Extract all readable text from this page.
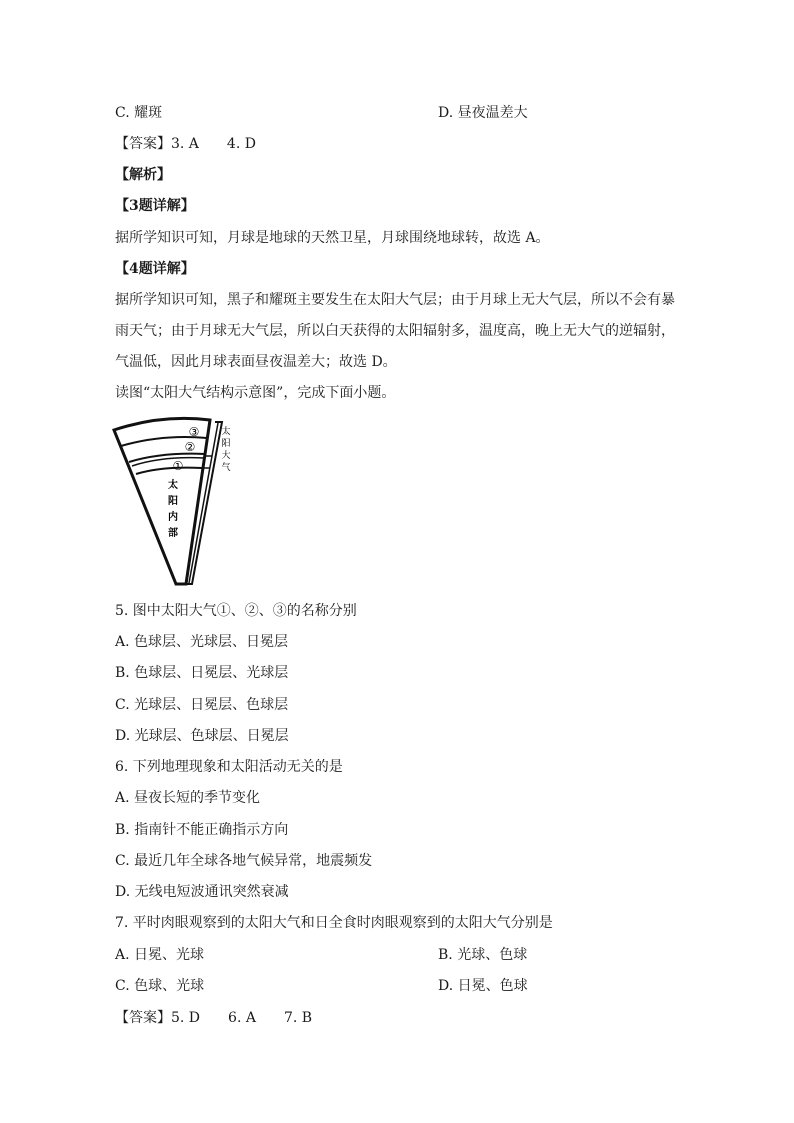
C. 耀斑	D. 昼夜温差大
【答案】3. A　　4. D
【解析】
【3题详解】
据所学知识可知，月球是地球的天然卫星，月球围绕地球转，故选 A。
【4题详解】
据所学知识可知，黑子和耀斑主要发生在太阳大气层；由于月球上无大气层，所以不会有暴
雨天气；由于月球无大气层，所以白天获得的太阳辐射多，温度高，晚上无大气的逆辐射，
气温低，因此月球表面昼夜温差大；故选 D。
读图“太阳大气结构示意图”，完成下面小题。
③
②
①
太
阳
大
气
太
阳
内
部
5. 图中太阳大气①、②、③的名称分别
A. 色球层、光球层、日冕层
B. 色球层、日冕层、光球层
C. 光球层、日冕层、色球层
D. 光球层、色球层、日冕层
6. 下列地理现象和太阳活动无关的是
A. 昼夜长短的季节变化
B. 指南针不能正确指示方向
C. 最近几年全球各地气候异常，地震频发
D. 无线电短波通讯突然衰减
7. 平时肉眼观察到的太阳大气和日全食时肉眼观察到的太阳大气分别是
A. 日冕、光球	B. 光球、色球
C. 色球、光球	D. 日冕、色球
【答案】5. D　　6. A　　7. B
